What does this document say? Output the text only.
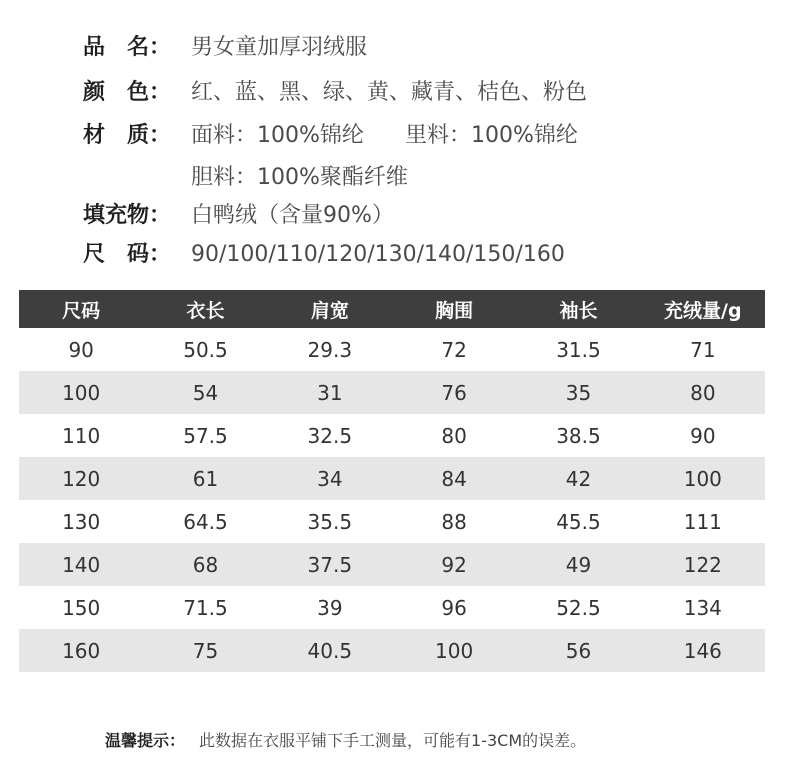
品　名： 男女童加厚羽绒服
颜　色： 红、蓝、黑、绿、黄、藏青、桔色、粉色
材　质： 面料：100%锦纶 里料：100%锦纶
胆料：100%聚酯纤维
填充物： 白鸭绒（含量90%）
尺　码： 90/100/110/120/130/140/150/160
尺码	衣长	肩宽	胸围	袖长	充绒量/g
90	50.5	29.3	72	31.5	71
100	54	31	76	35	80
110	57.5	32.5	80	38.5	90
120	61	34	84	42	100
130	64.5	35.5	88	45.5	111
140	68	37.5	92	49	122
150	71.5	39	96	52.5	134
160	75	40.5	100	56	146
温馨提示： 此数据在衣服平铺下手工测量，可能有1-3CM的误差。
